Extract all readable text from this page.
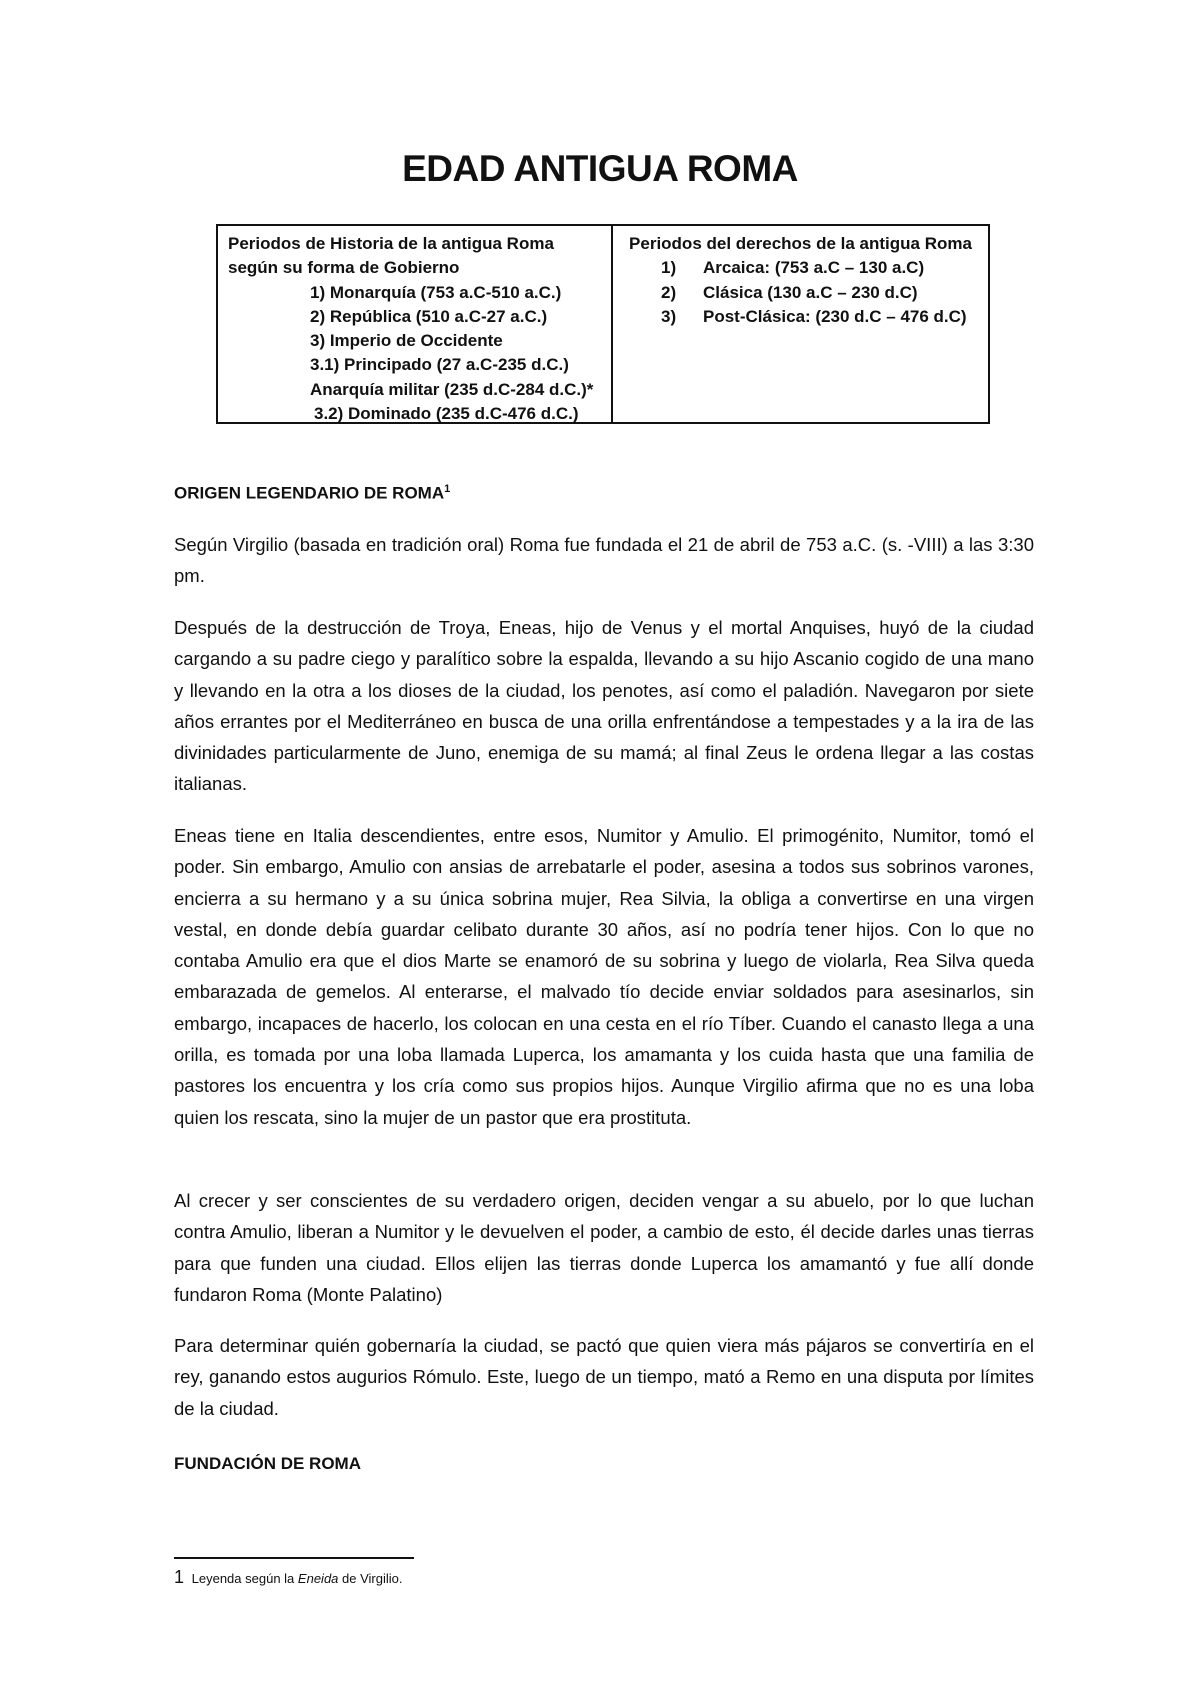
EDAD ANTIGUA ROMA
Periodos de Historia de la antigua Roma
según su forma de Gobierno
1) Monarquía (753 a.C-510 a.C.)
2) República (510 a.C-27 a.C.)
3) Imperio de Occidente
3.1) Principado (27 a.C-235 d.C.)
Anarquía militar (235 d.C-284 d.C.)*
3.2) Dominado (235 d.C-476 d.C.)
Periodos del derechos de la antigua Roma
1)	Arcaica: (753 a.C – 130 a.C)
2)	Clásica (130 a.C – 230 d.C)
3)	Post-Clásica: (230 d.C – 476 d.C)
ORIGEN LEGENDARIO DE ROMA$^1$

Según Virgilio (basada en tradición oral) Roma fue fundada el 21 de abril de 753 a.C. (s. -VIII) a las 3:30 pm.

Después de la destrucción de Troya, Eneas, hijo de Venus y el mortal Anquises, huyó de la ciudad cargando a su padre ciego y paralítico sobre la espalda, llevando a su hijo Ascanio cogido de una mano y llevando en la otra a los dioses de la ciudad, los penotes, así como el paladión. Navegaron por siete años errantes por el Mediterráneo en busca de una orilla enfrentándose a tempestades y a la ira de las divinidades particularmente de Juno, enemiga de su mamá; al final Zeus le ordena llegar a las costas italianas.

Eneas tiene en Italia descendientes, entre esos, Numitor y Amulio. El primogénito, Numitor, tomó el poder. Sin embargo, Amulio con ansias de arrebatarle el poder, asesina a todos sus sobrinos varones, encierra a su hermano y a su única sobrina mujer, Rea Silvia, la obliga a convertirse en una virgen vestal, en donde debía guardar celibato durante 30 años, así no podría tener hijos. Con lo que no contaba Amulio era que el dios Marte se enamoró de su sobrina y luego de violarla, Rea Silva queda embarazada de gemelos. Al enterarse, el malvado tío decide enviar soldados para asesinarlos, sin embargo, incapaces de hacerlo, los colocan en una cesta en el río Tíber. Cuando el canasto llega a una orilla, es tomada por una loba llamada Luperca, los amamanta y los cuida hasta que una familia de pastores los encuentra y los cría como sus propios hijos. Aunque Virgilio afirma que no es una loba quien los rescata, sino la mujer de un pastor que era prostituta.

Al crecer y ser conscientes de su verdadero origen, deciden vengar a su abuelo, por lo que luchan contra Amulio, liberan a Numitor y le devuelven el poder, a cambio de esto, él decide darles unas tierras para que funden una ciudad. Ellos elijen las tierras donde Luperca los amamantó y fue allí donde fundaron Roma (Monte Palatino)

Para determinar quién gobernaría la ciudad, se pactó que quien viera más pájaros se convertiría en el rey, ganando estos augurios Rómulo. Este, luego de un tiempo, mató a Remo en una disputa por límites de la ciudad.

FUNDACIÓN DE ROMA
1 Leyenda según la Eneida de Virgilio.
